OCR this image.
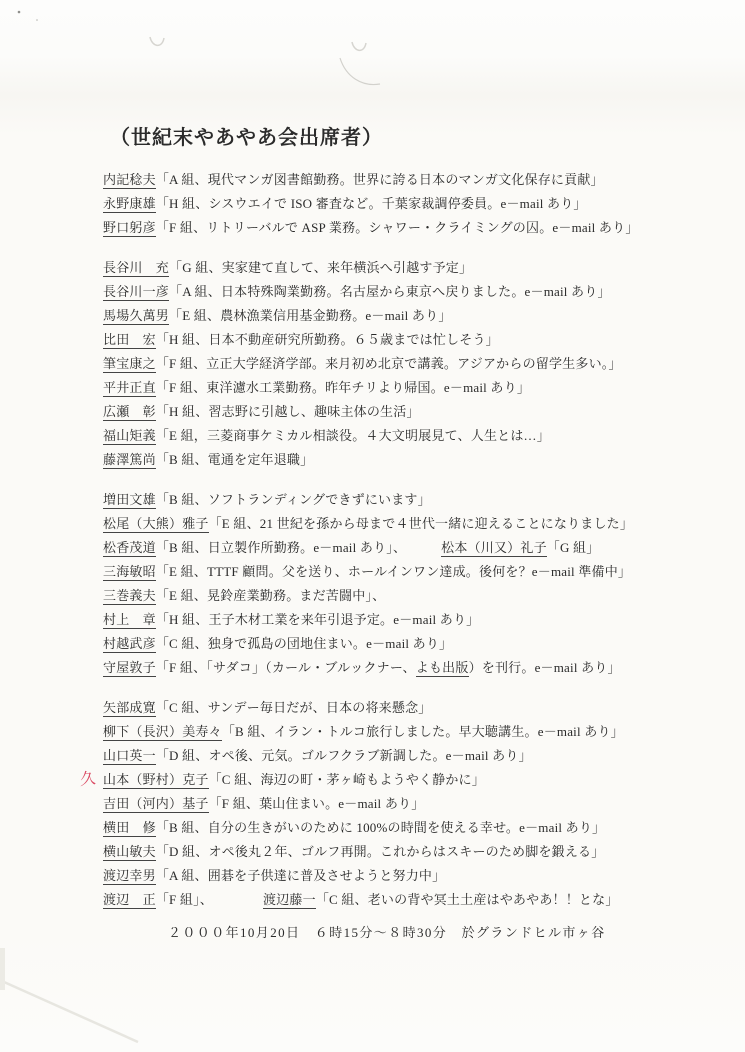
（世紀末やあやあ会出席者）
内記稔夫「A 組、現代マンガ図書館勤務。世界に誇る日本のマンガ文化保存に貢献」
永野康雄「H 組、シスウエイで ISO 審査など。千葉家裁調停委員。e－mail あり」
野口躬彦「F 組、リトリーバルで ASP 業務。シャワー・クライミングの囚。e－mail あり」
長谷川　充「G 組、実家建て直して、来年横浜へ引越す予定」
長谷川一彦「A 組、日本特殊陶業勤務。名古屋から東京へ戻りました。e－mail あり」
馬場久萬男「E 組、農林漁業信用基金勤務。e－mail あり」
比田　宏「H 組、日本不動産研究所勤務。６５歳までは忙しそう」
筆宝康之「F 組、立正大学経済学部。来月初め北京で講義。アジアからの留学生多い。」
平井正直「F 組、東洋濾水工業勤務。昨年チリより帰国。e－mail あり」
広瀬　彰「H 組、習志野に引越し、趣味主体の生活」
福山矩義「E 組，三菱商事ケミカル相談役。４大文明展見て、人生とは…」
藤澤篤尚「B 組、電通を定年退職」
増田文雄「B 組、ソフトランディングできずにいます」
松尾（大熊）雅子「E 組、21 世紀を孫から母まで４世代一緒に迎えることになりました」
松香茂道「B 組、日立製作所勤務。e－mail あり」、	松本（川又）礼子「G 組」
三海敏昭「E 組、TTTF 顧問。父を送り、ホールインワン達成。後何を？e－mail 準備中」
三巻義夫「E 組、晃鈴産業勤務。まだ苦闘中」、
村上　章「H 組、王子木材工業を来年引退予定。e－mail あり」
村越武彦「C 組、独身で孤島の団地住まい。e－mail あり」
守屋敦子「F 組、「サダコ」（カール・ブルックナー、よも出版）を刊行。e－mail あり」
矢部成寛「C 組、サンデー毎日だが、日本の将来懸念」
柳下（長沢）美寿々「B 組、イラン・トルコ旅行しました。早大聴講生。e－mail あり」
山口英一「D 組、オペ後、元気。ゴルフクラブ新調した。e－mail あり」
久 山本（野村）克子「C 組、海辺の町・茅ヶ崎もようやく静かに」
吉田（河内）基子「F 組、葉山住まい。e－mail あり」
横田　修「B 組、自分の生きがいのために 100%の時間を使える幸せ。e－mail あり」
横山敏夫「D 組、オペ後丸２年、ゴルフ再開。これからはスキーのため脚を鍛える」
渡辺幸男「A 組、囲碁を子供達に普及させようと努力中」
渡辺　正「F 組」、	渡辺藤一「C 組、老いの背や冥土土産はやあやあ！！とな」
２０００年10月20日　６時15分～８時30分　於グランドヒル市ヶ谷
